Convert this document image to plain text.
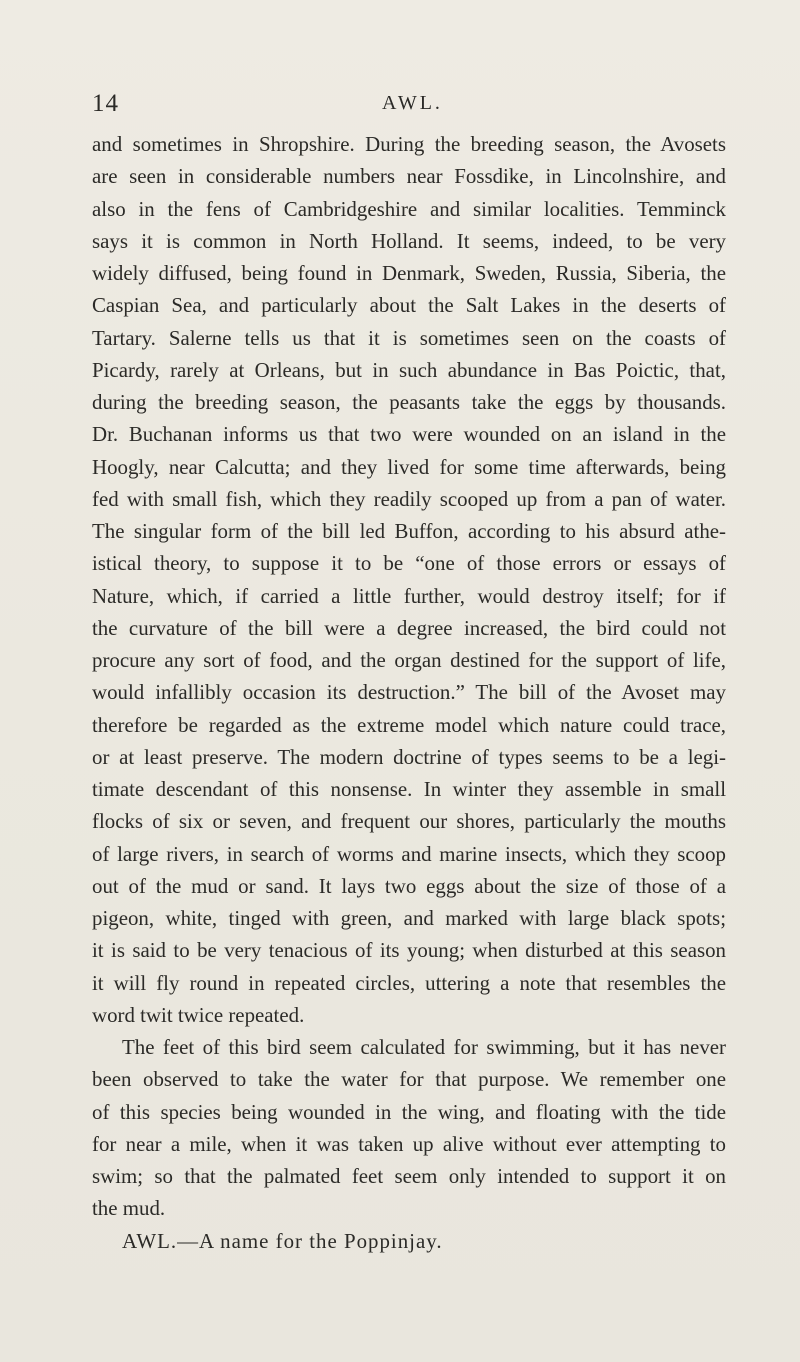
14	AWL.
and sometimes in Shropshire. During the breeding season, the Avosets
are seen in considerable numbers near Fossdike, in Lincolnshire, and
also in the fens of Cambridgeshire and similar localities. Temminck
says it is common in North Holland. It seems, indeed, to be very
widely diffused, being found in Denmark, Sweden, Russia, Siberia, the
Caspian Sea, and particularly about the Salt Lakes in the deserts of
Tartary. Salerne tells us that it is sometimes seen on the coasts of
Picardy, rarely at Orleans, but in such abundance in Bas Poictic, that,
during the breeding season, the peasants take the eggs by thousands.
Dr. Buchanan informs us that two were wounded on an island in the
Hoogly, near Calcutta; and they lived for some time afterwards, being
fed with small fish, which they readily scooped up from a pan of water.
The singular form of the bill led Buffon, according to his absurd athe-
istical theory, to suppose it to be “one of those errors or essays of
Nature, which, if carried a little further, would destroy itself; for if
the curvature of the bill were a degree increased, the bird could not
procure any sort of food, and the organ destined for the support of life,
would infallibly occasion its destruction.” The bill of the Avoset may
therefore be regarded as the extreme model which nature could trace,
or at least preserve. The modern doctrine of types seems to be a legi-
timate descendant of this nonsense. In winter they assemble in small
flocks of six or seven, and frequent our shores, particularly the mouths
of large rivers, in search of worms and marine insects, which they scoop
out of the mud or sand. It lays two eggs about the size of those of a
pigeon, white, tinged with green, and marked with large black spots;
it is said to be very tenacious of its young; when disturbed at this season
it will fly round in repeated circles, uttering a note that resembles the
word twit twice repeated.
The feet of this bird seem calculated for swimming, but it has never
been observed to take the water for that purpose. We remember one
of this species being wounded in the wing, and floating with the tide
for near a mile, when it was taken up alive without ever attempting to
swim; so that the palmated feet seem only intended to support it on
the mud.
AWL.—A name for the Poppinjay.
